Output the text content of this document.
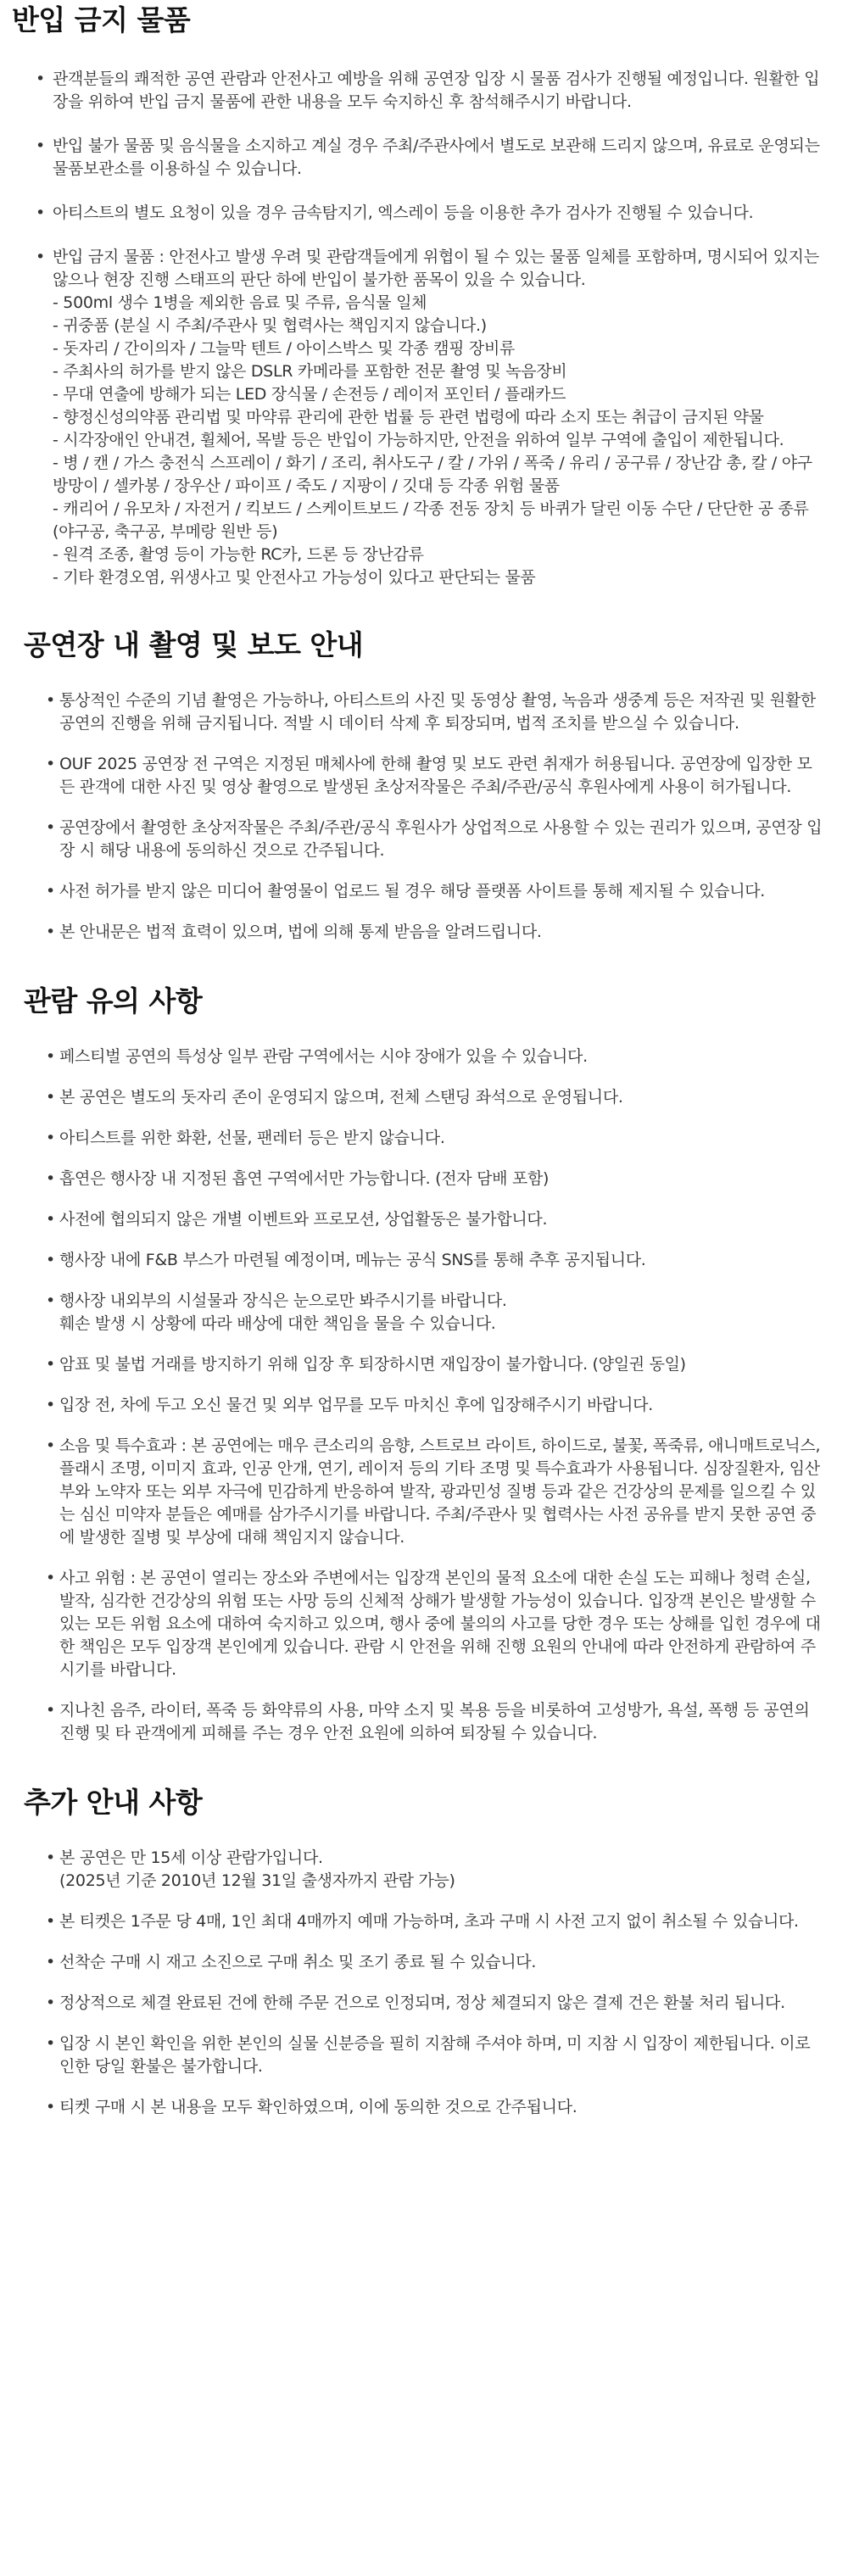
반입 금지 물품
• 관객분들의 쾌적한 공연 관람과 안전사고 예방을 위해 공연장 입장 시 물품 검사가 진행될 예정입니다. 원활한 입장을 위하여 반입 금지 물품에 관한 내용을 모두 숙지하신 후 참석해주시기 바랍니다.
• 반입 불가 물품 및 음식물을 소지하고 계실 경우 주최/주관사에서 별도로 보관해 드리지 않으며, 유료로 운영되는 물품보관소를 이용하실 수 있습니다.
• 아티스트의 별도 요청이 있을 경우 금속탐지기, 엑스레이 등을 이용한 추가 검사가 진행될 수 있습니다.
• 반입 금지 물품 : 안전사고 발생 우려 및 관람객들에게 위협이 될 수 있는 물품 일체를 포함하며, 명시되어 있지는 않으나 현장 진행 스태프의 판단 하에 반입이 불가한 품목이 있을 수 있습니다.
- 500ml 생수 1병을 제외한 음료 및 주류, 음식물 일체
- 귀중품 (분실 시 주최/주관사 및 협력사는 책임지지 않습니다.)
- 돗자리 / 간이의자 / 그늘막 텐트 / 아이스박스 및 각종 캠핑 장비류
- 주최사의 허가를 받지 않은 DSLR 카메라를 포함한 전문 촬영 및 녹음장비
- 무대 연출에 방해가 되는 LED 장식물 / 손전등 / 레이저 포인터 / 플래카드
- 향정신성의약품 관리법 및 마약류 관리에 관한 법률 등 관련 법령에 따라 소지 또는 취급이 금지된 약물
- 시각장애인 안내견, 휠체어, 목발 등은 반입이 가능하지만, 안전을 위하여 일부 구역에 출입이 제한됩니다.
- 병 / 캔 / 가스 충전식 스프레이 / 화기 / 조리, 취사도구 / 칼 / 가위 / 폭죽 / 유리 / 공구류 / 장난감 총, 칼 / 야구방망이 / 셀카봉 / 장우산 / 파이프 / 죽도 / 지팡이 / 깃대 등 각종 위험 물품
- 캐리어 / 유모차 / 자전거 / 킥보드 / 스케이트보드 / 각종 전동 장치 등 바퀴가 달린 이동 수단 / 단단한 공 종류 (야구공, 축구공, 부메랑 원반 등)
- 원격 조종, 촬영 등이 가능한 RC카, 드론 등 장난감류
- 기타 환경오염, 위생사고 및 안전사고 가능성이 있다고 판단되는 물품
공연장 내 촬영 및 보도 안내
• 통상적인 수준의 기념 촬영은 가능하나, 아티스트의 사진 및 동영상 촬영, 녹음과 생중계 등은 저작권 및 원활한 공연의 진행을 위해 금지됩니다. 적발 시 데이터 삭제 후 퇴장되며, 법적 조치를 받으실 수 있습니다.
• OUF 2025 공연장 전 구역은 지정된 매체사에 한해 촬영 및 보도 관련 취재가 허용됩니다. 공연장에 입장한 모든 관객에 대한 사진 및 영상 촬영으로 발생된 초상저작물은 주최/주관/공식 후원사에게 사용이 허가됩니다.
• 공연장에서 촬영한 초상저작물은 주최/주관/공식 후원사가 상업적으로 사용할 수 있는 권리가 있으며, 공연장 입장 시 해당 내용에 동의하신 것으로 간주됩니다.
• 사전 허가를 받지 않은 미디어 촬영물이 업로드 될 경우 해당 플랫폼 사이트를 통해 제지될 수 있습니다.
• 본 안내문은 법적 효력이 있으며, 법에 의해 통제 받음을 알려드립니다.
관람 유의 사항
• 페스티벌 공연의 특성상 일부 관람 구역에서는 시야 장애가 있을 수 있습니다.
• 본 공연은 별도의 돗자리 존이 운영되지 않으며, 전체 스탠딩 좌석으로 운영됩니다.
• 아티스트를 위한 화환, 선물, 팬레터 등은 받지 않습니다.
• 흡연은 행사장 내 지정된 흡연 구역에서만 가능합니다. (전자 담배 포함)
• 사전에 협의되지 않은 개별 이벤트와 프로모션, 상업활동은 불가합니다.
• 행사장 내에 F&B 부스가 마련될 예정이며, 메뉴는 공식 SNS를 통해 추후 공지됩니다.
• 행사장 내외부의 시설물과 장식은 눈으로만 봐주시기를 바랍니다.
훼손 발생 시 상황에 따라 배상에 대한 책임을 물을 수 있습니다.
• 암표 및 불법 거래를 방지하기 위해 입장 후 퇴장하시면 재입장이 불가합니다. (양일권 동일)
• 입장 전, 차에 두고 오신 물건 및 외부 업무를 모두 마치신 후에 입장해주시기 바랍니다.
• 소음 및 특수효과 : 본 공연에는 매우 큰소리의 음향, 스트로브 라이트, 하이드로, 불꽃, 폭죽류, 애니매트로닉스, 플래시 조명, 이미지 효과, 인공 안개, 연기, 레이저 등의 기타 조명 및 특수효과가 사용됩니다. 심장질환자, 임산부와 노약자 또는 외부 자극에 민감하게 반응하여 발작, 광과민성 질병 등과 같은 건강상의 문제를 일으킬 수 있는 심신 미약자 분들은 예매를 삼가주시기를 바랍니다. 주최/주관사 및 협력사는 사전 공유를 받지 못한 공연 중에 발생한 질병 및 부상에 대해 책임지지 않습니다.
• 사고 위험 : 본 공연이 열리는 장소와 주변에서는 입장객 본인의 물적 요소에 대한 손실 도는 피해나 청력 손실, 발작, 심각한 건강상의 위험 또는 사망 등의 신체적 상해가 발생할 가능성이 있습니다. 입장객 본인은 발생할 수 있는 모든 위험 요소에 대하여 숙지하고 있으며, 행사 중에 불의의 사고를 당한 경우 또는 상해를 입힌 경우에 대한 책임은 모두 입장객 본인에게 있습니다. 관람 시 안전을 위해 진행 요원의 안내에 따라 안전하게 관람하여 주시기를 바랍니다.
• 지나친 음주, 라이터, 폭죽 등 화약류의 사용, 마약 소지 및 복용 등을 비롯하여 고성방가, 욕설, 폭행 등 공연의 진행 및 타 관객에게 피해를 주는 경우 안전 요원에 의하여 퇴장될 수 있습니다.
추가 안내 사항
• 본 공연은 만 15세 이상 관람가입니다.
(2025년 기준 2010년 12월 31일 출생자까지 관람 가능)
• 본 티켓은 1주문 당 4매, 1인 최대 4매까지 예매 가능하며, 초과 구매 시 사전 고지 없이 취소될 수 있습니다.
• 선착순 구매 시 재고 소진으로 구매 취소 및 조기 종료 될 수 있습니다.
• 정상적으로 체결 완료된 건에 한해 주문 건으로 인정되며, 정상 체결되지 않은 결제 건은 환불 처리 됩니다.
• 입장 시 본인 확인을 위한 본인의 실물 신분증을 필히 지참해 주셔야 하며, 미 지참 시 입장이 제한됩니다. 이로 인한 당일 환불은 불가합니다.
• 티켓 구매 시 본 내용을 모두 확인하였으며, 이에 동의한 것으로 간주됩니다.
